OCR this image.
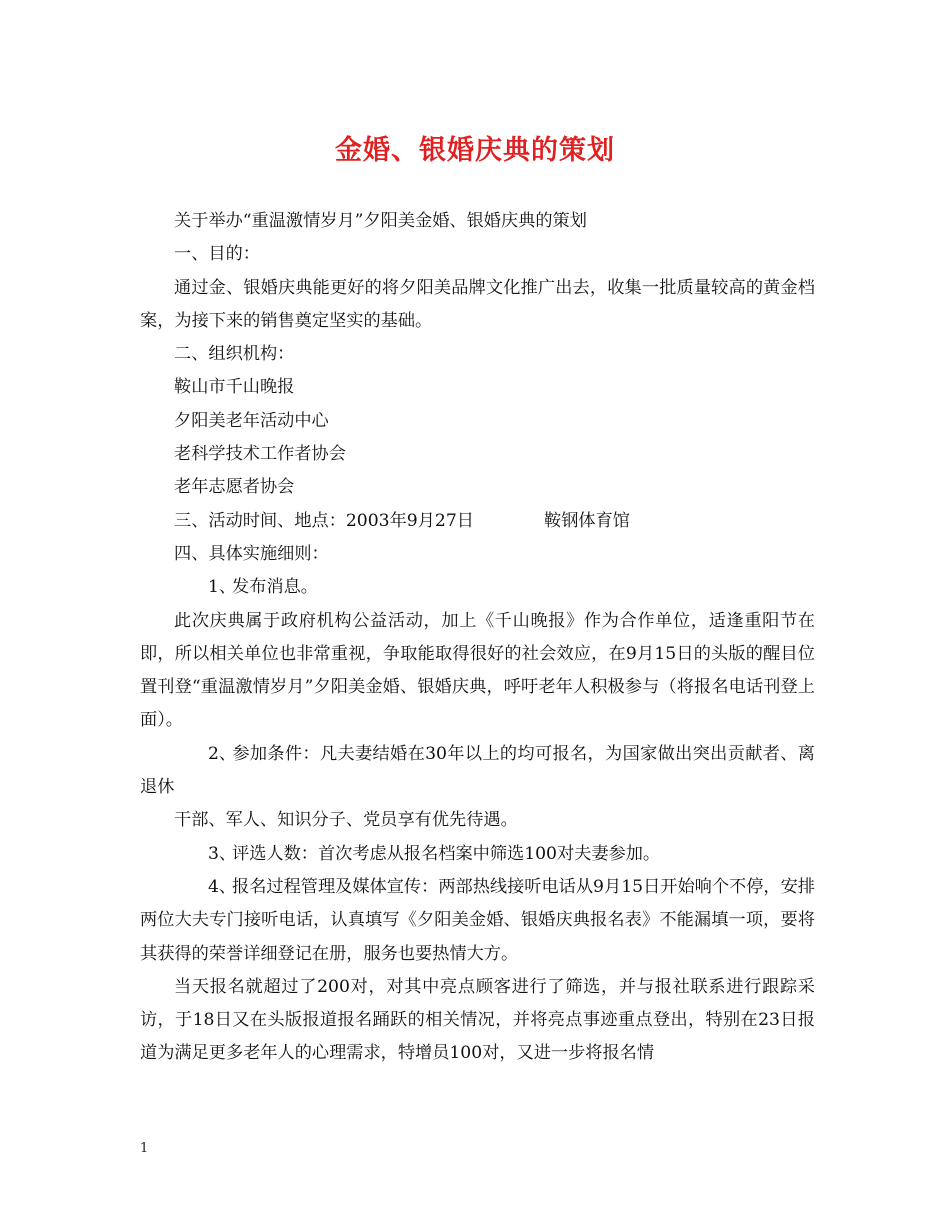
金婚、银婚庆典的策划

关于举办“重温激情岁月”夕阳美金婚、银婚庆典的策划

一、目的：

通过金、银婚庆典能更好的将夕阳美品牌文化推广出去，收集一批质量较高的黄金档案，为接下来的销售奠定坚实的基础。

二、组织机构：

鞍山市千山晚报

夕阳美老年活动中心

老科学技术工作者协会

老年志愿者协会

三、活动时间、地点：2003年9月27日	鞍钢体育馆

四、具体实施细则：

1、发布消息。

此次庆典属于政府机构公益活动，加上《千山晚报》作为合作单位，适逢重阳节在即，所以相关单位也非常重视，争取能取得很好的社会效应，在9月15日的头版的醒目位置刊登“重温激情岁月”夕阳美金婚、银婚庆典，呼吁老年人积极参与（将报名电话刊登上面）。

2、参加条件：凡夫妻结婚在30年以上的均可报名，为国家做出突出贡献者、离退休

干部、军人、知识分子、党员享有优先待遇。

3、评选人数：首次考虑从报名档案中筛选100对夫妻参加。

4、报名过程管理及媒体宣传：两部热线接听电话从9月15日开始响个不停，安排两位大夫专门接听电话，认真填写《夕阳美金婚、银婚庆典报名表》不能漏填一项，要将其获得的荣誉详细登记在册，服务也要热情大方。

当天报名就超过了200对，对其中亮点顾客进行了筛选，并与报社联系进行跟踪采访，于18日又在头版报道报名踊跃的相关情况，并将亮点事迹重点登出，特别在23日报道为满足更多老年人的心理需求，特增员100对，又进一步将报名情

1
